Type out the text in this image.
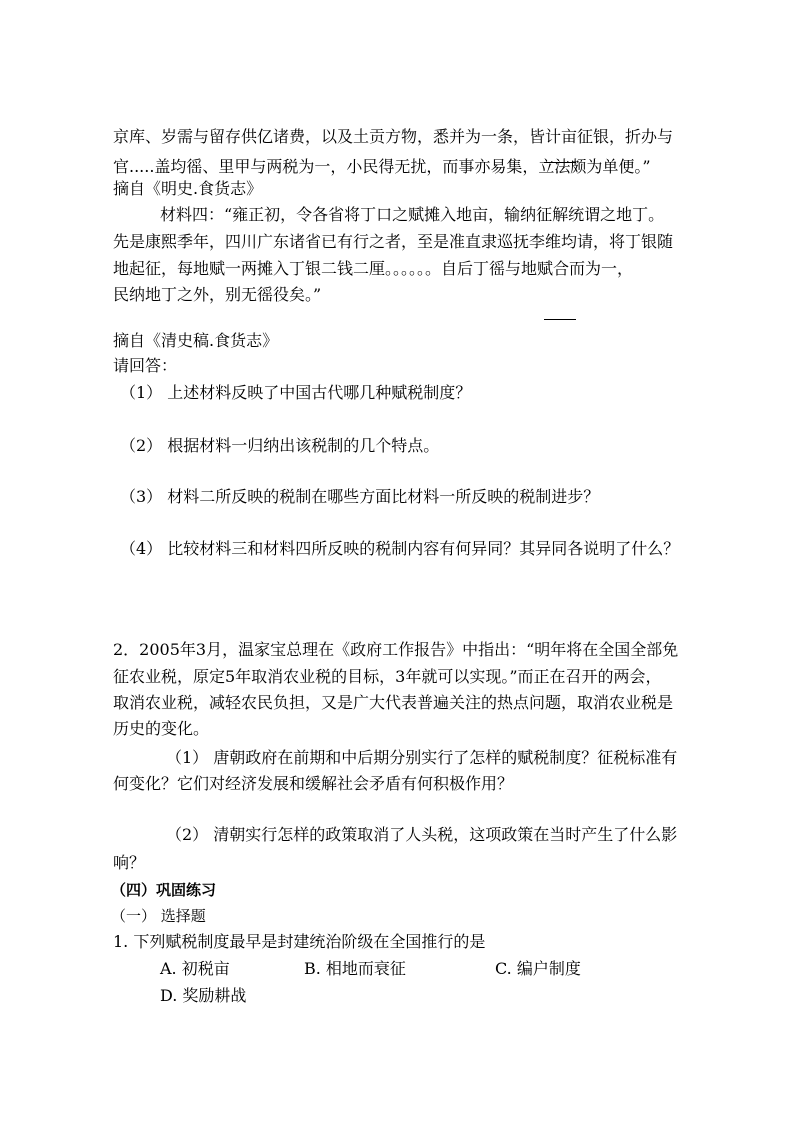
京库、岁需与留存供亿诸费，以及土贡方物，悉并为一条，皆计亩征银，折办与
官.....盖均徭、里甲与两税为一，小民得无扰，而事亦易集，立法颇为单便。”
摘自《明史.食货志》
材料四：“雍正初，令各省将丁口之赋摊入地亩，输纳征解统谓之地丁。
先是康熙季年，四川广东诸省已有行之者，至是准直隶巡抚李维均请，将丁银随
地起征，每地赋一两摊入丁银二钱二厘。。。。。。自后丁徭与地赋合而为一，
民纳地丁之外，别无徭役矣。”
摘自《清史稿.食货志》
请回答：
（1） 上述材料反映了中国古代哪几种赋税制度？
（2） 根据材料一归纳出该税制的几个特点。
（3） 材料二所反映的税制在哪些方面比材料一所反映的税制进步？
（4） 比较材料三和材料四所反映的税制内容有何异同？其异同各说明了什么？
2．2005年3月，温家宝总理在《政府工作报告》中指出：“明年将在全国全部免
征农业税，原定5年取消农业税的目标，3年就可以实现。”而正在召开的两会，
取消农业税，减轻农民负担，又是广大代表普遍关注的热点问题，取消农业税是
历史的变化。
（1） 唐朝政府在前期和中后期分别实行了怎样的赋税制度？征税标准有
何变化？它们对经济发展和缓解社会矛盾有何积极作用？
（2） 清朝实行怎样的政策取消了人头税，这项政策在当时产生了什么影
响？
（四）巩固练习
（一） 选择题
1. 下列赋税制度最早是封建统治阶级在全国推行的是
A. 初税亩	B. 相地而衰征	C. 编户制度
D. 奖励耕战
